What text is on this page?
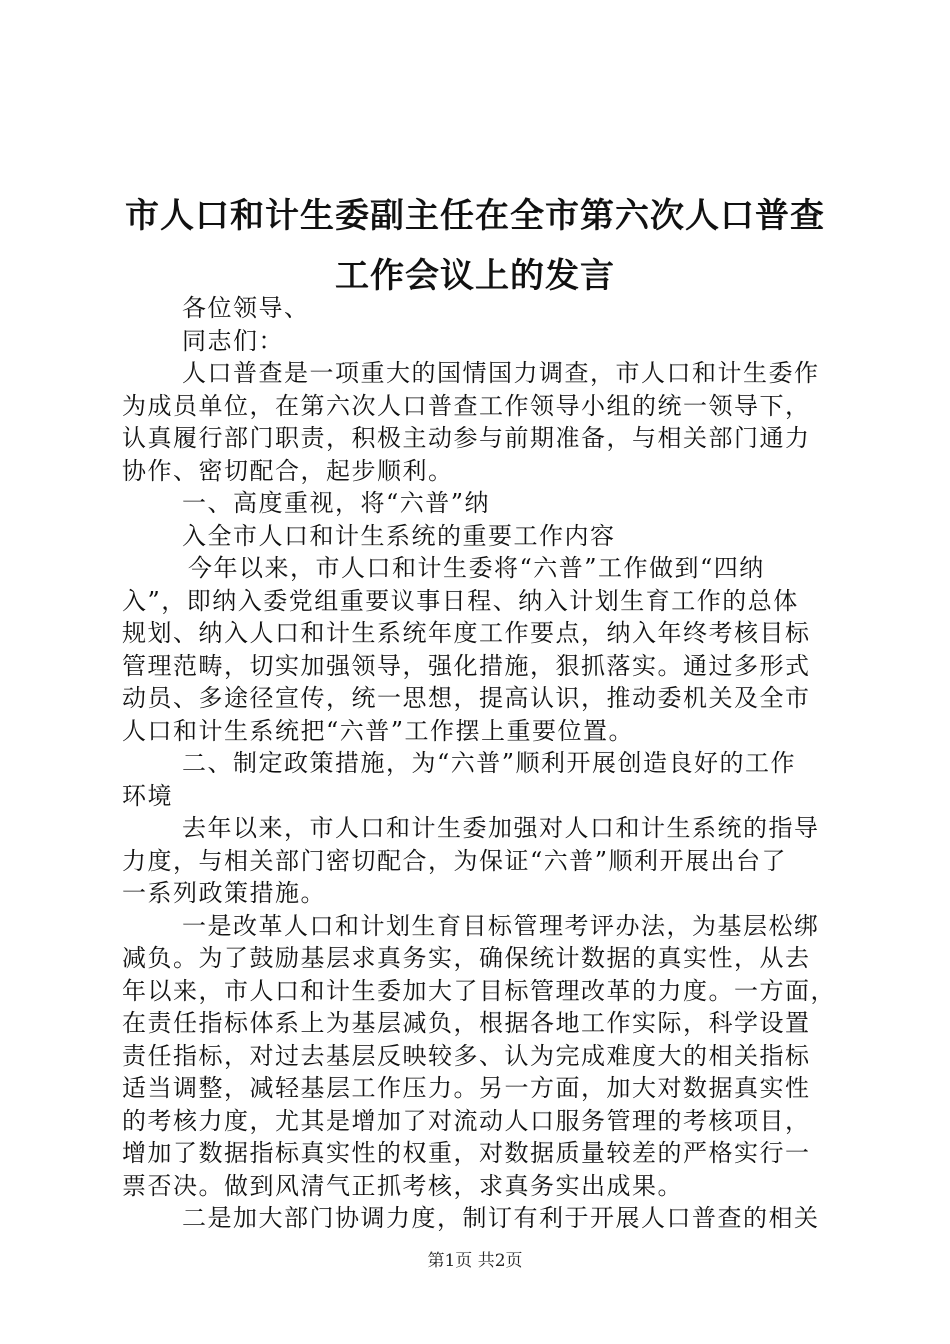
市人口和计生委副主任在全市第六次人口普查
工作会议上的发言
各位领导、
同志们：
人口普查是一项重大的国情国力调查，市人口和计生委作
为成员单位，在第六次人口普查工作领导小组的统一领导下，
认真履行部门职责，积极主动参与前期准备，与相关部门通力
协作、密切配合，起步顺利。
一、高度重视，将“六普”纳
入全市人口和计生系统的重要工作内容
今年以来，市人口和计生委将“六普”工作做到“四纳
入”，即纳入委党组重要议事日程、纳入计划生育工作的总体
规划、纳入人口和计生系统年度工作要点，纳入年终考核目标
管理范畴，切实加强领导，强化措施，狠抓落实。通过多形式
动员、多途径宣传，统一思想，提高认识，推动委机关及全市
人口和计生系统把“六普”工作摆上重要位置。
二、制定政策措施，为“六普”顺利开展创造良好的工作
环境
去年以来，市人口和计生委加强对人口和计生系统的指导
力度，与相关部门密切配合，为保证“六普”顺利开展出台了
一系列政策措施。
一是改革人口和计划生育目标管理考评办法，为基层松绑
减负。为了鼓励基层求真务实，确保统计数据的真实性，从去
年以来，市人口和计生委加大了目标管理改革的力度。一方面，
在责任指标体系上为基层减负，根据各地工作实际，科学设置
责任指标，对过去基层反映较多、认为完成难度大的相关指标
适当调整，减轻基层工作压力。另一方面，加大对数据真实性
的考核力度，尤其是增加了对流动人口服务管理的考核项目，
增加了数据指标真实性的权重，对数据质量较差的严格实行一
票否决。做到风清气正抓考核，求真务实出成果。
二是加大部门协调力度，制订有利于开展人口普查的相关
第1页 共2页
